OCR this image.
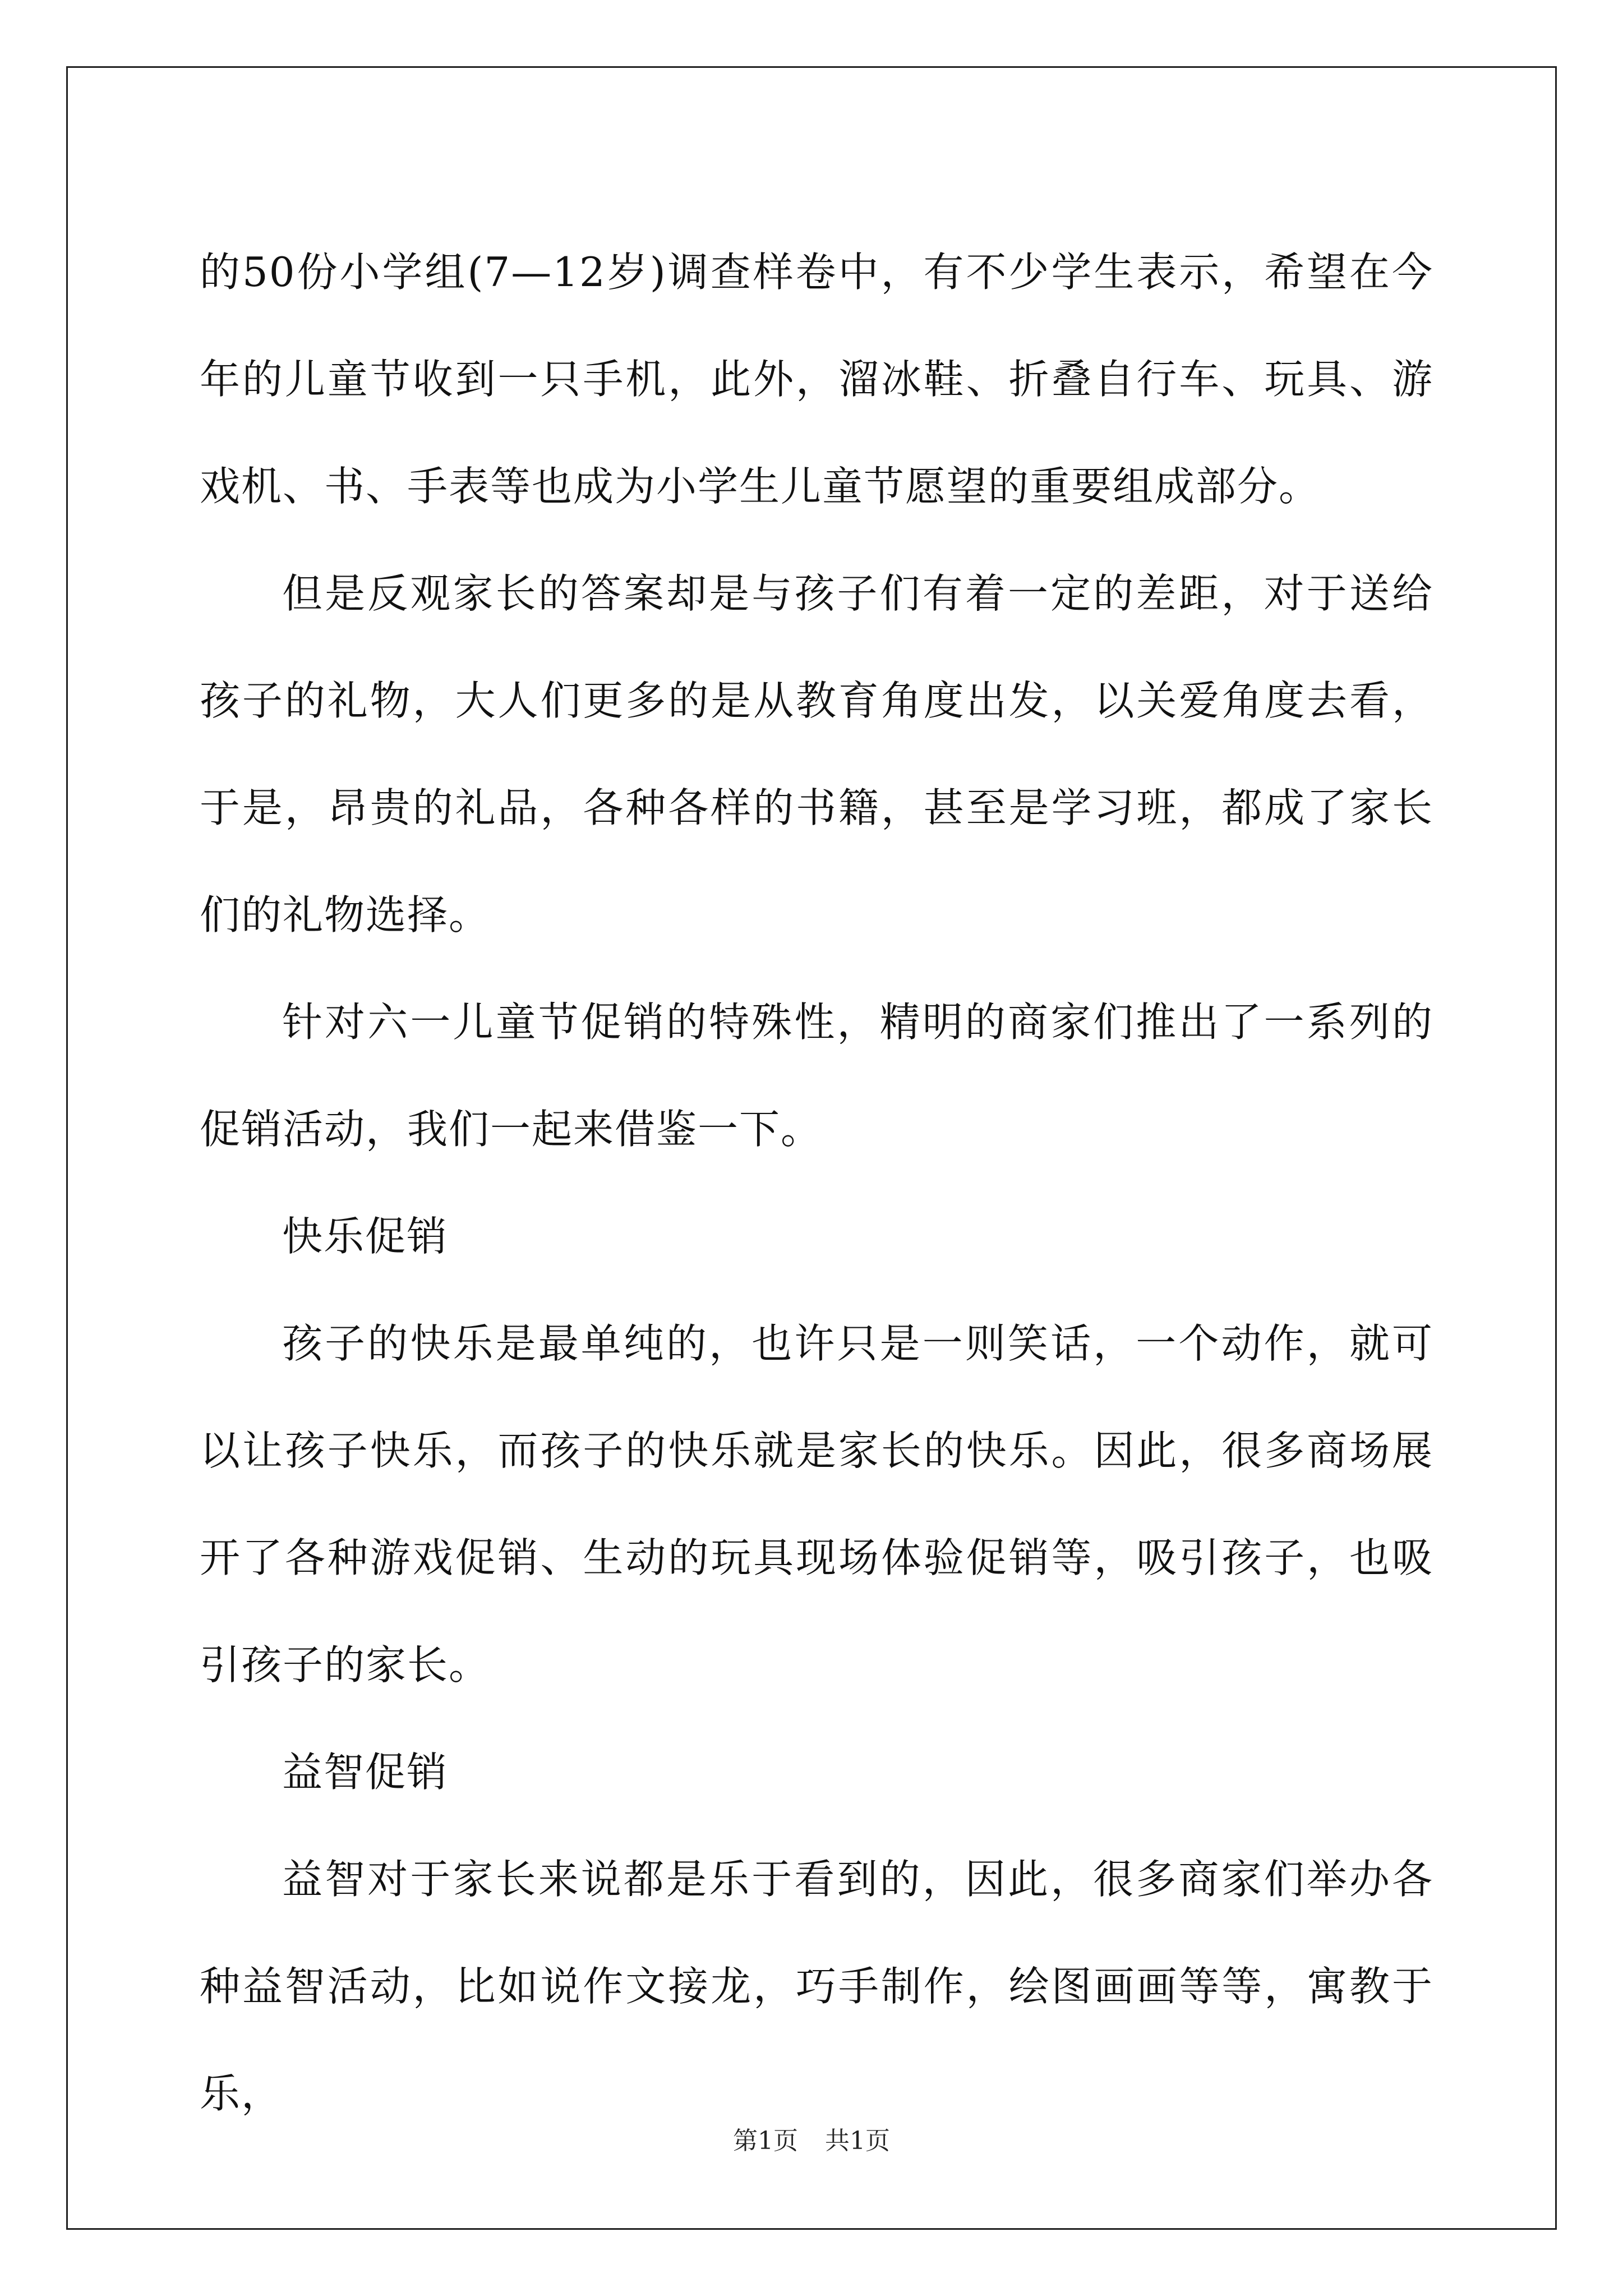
的50份小学组(7—12岁)调查样卷中，有不少学生表示，希望在今年的儿童节收到一只手机，此外，溜冰鞋、折叠自行车、玩具、游戏机、书、手表等也成为小学生儿童节愿望的重要组成部分。

但是反观家长的答案却是与孩子们有着一定的差距，对于送给孩子的礼物，大人们更多的是从教育角度出发，以关爱角度去看，于是，昂贵的礼品，各种各样的书籍，甚至是学习班，都成了家长们的礼物选择。

针对六一儿童节促销的特殊性，精明的商家们推出了一系列的促销活动，我们一起来借鉴一下。

快乐促销

孩子的快乐是最单纯的，也许只是一则笑话，一个动作，就可以让孩子快乐，而孩子的快乐就是家长的快乐。因此，很多商场展开了各种游戏促销、生动的玩具现场体验促销等，吸引孩子，也吸引孩子的家长。

益智促销

益智对于家长来说都是乐于看到的，因此，很多商家们举办各种益智活动，比如说作文接龙，巧手制作，绘图画画等等，寓教于乐，

第1页 共1页
